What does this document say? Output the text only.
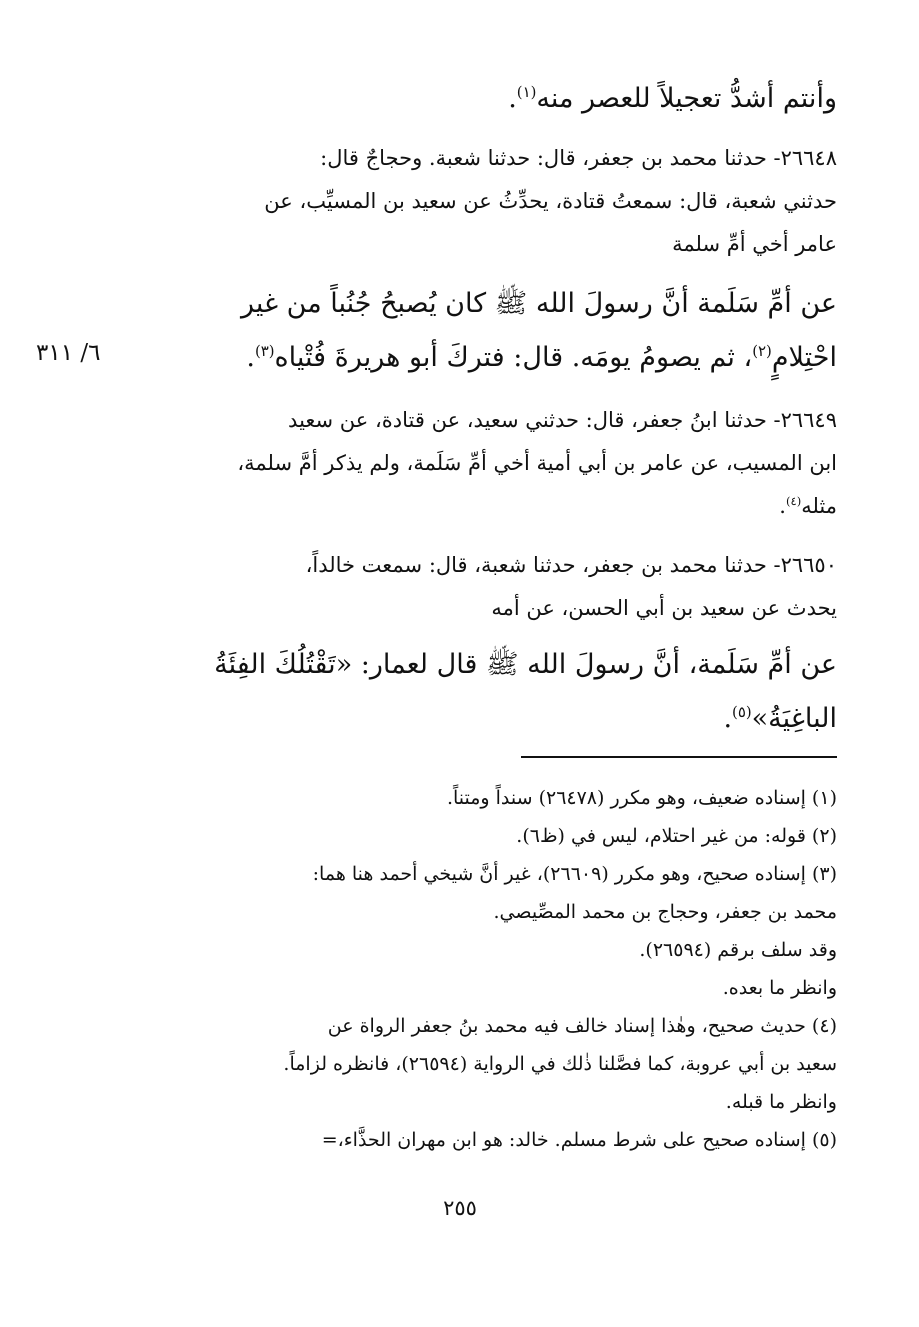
وأنتم أشدُّ تعجيلاً للعصر منه$^{(١)}$.
٢٦٦٤٨- حدثنا محمد بن جعفر، قال: حدثنا شعبة. وحجاجٌ قال:
حدثني شعبة، قال: سمعتُ قتادة، يحدِّثُ عن سعيد بن المسيِّب، عن
عامر أخي أمِّ سلمة
عن أمِّ سَلَمة أنَّ رسولَ الله ﷺ كان يُصبحُ جُنُباً من غير
احْتِلامٍ$^{(٢)}$، ثم يصومُ يومَه. قال: فتركَ أبو هريرةَ فُتْياه$^{(٣)}$.
٦/ ٣١١
٢٦٦٤٩- حدثنا ابنُ جعفر، قال: حدثني سعيد، عن قتادة، عن سعيد
ابن المسيب، عن عامر بن أبي أمية أخي أمِّ سَلَمة، ولم يذكر أمَّ سلمة،
مثله$^{(٤)}$.
٢٦٦٥٠- حدثنا محمد بن جعفر، حدثنا شعبة، قال: سمعت خالداً،
يحدث عن سعيد بن أبي الحسن، عن أمه
عن أمِّ سَلَمة، أنَّ رسولَ الله ﷺ قال لعمار: «تَقْتُلُكَ الفِئَةُ
الباغِيَةُ»$^{(٥)}$.
(١) إسناده ضعيف، وهو مكرر (٢٦٤٧٨) سنداً ومتناً.
(٢) قوله: من غير احتلام، ليس في (ظ٦).
(٣) إسناده صحيح، وهو مكرر (٢٦٦٠٩)، غير أنَّ شيخي أحمد هنا هما:
محمد بن جعفر، وحجاج بن محمد المصِّيصي.
وقد سلف برقم (٢٦٥٩٤).
وانظر ما بعده.
(٤) حديث صحيح، وهٰذا إسناد خالف فيه محمد بنُ جعفر الرواة عن
سعيد بن أبي عروبة، كما فصَّلنا ذٰلك في الرواية (٢٦٥٩٤)، فانظره لزاماً.
وانظر ما قبله.
(٥) إسناده صحيح على شرط مسلم. خالد: هو ابن مهران الحذَّاء،=
٢٥٥
